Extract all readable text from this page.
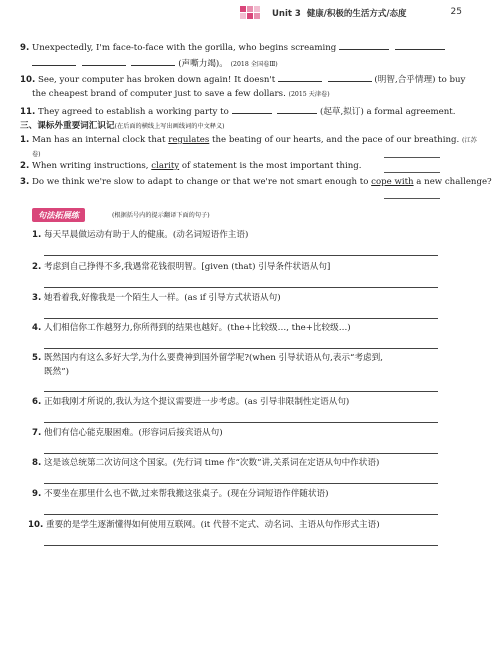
Unit 3 健康/积极的生活方式/态度	25
9. Unexpectedly, I'm face-to-face with the gorilla, who begins screaming
(声嘶力竭)。 (2018 全国卷Ⅲ)
10. See, your computer has broken down again! It doesn't	(明智,合乎情理) to buy
the cheapest brand of computer just to save a few dollars. (2015 天津卷)
11. They agreed to establish a working party to	(起草,拟订) a formal agreement.
三、课标外重要词汇识记(在后面的横线上写出画线词的中文释义)
1. Man has an internal clock that regulates the beating of our hearts, and the pace of our breathing. (江苏
卷)
2. When writing instructions, clarity of statement is the most important thing.
3. Do we think we're slow to adapt to change or that we're not smart enough to cope with a new challenge?
句法拓展练	(根据括号内的提示翻译下面的句子)
1. 每天早晨做运动有助于人的健康。(动名词短语作主语)
2. 考虑到自己挣得不多,我遇常花钱很明智。[given (that) 引导条件状语从句]
3. 她看着我,好像我是一个陌生人一样。(as if 引导方式状语从句)
4. 人们相信你工作越努力,你所得到的结果也越好。(the+比较级…, the+比较级…)
5. 既然国内有这么多好大学,为什么要费神到国外留学呢?(when 引导状语从句,表示“考虑到,
既然”)
6. 正如我刚才所说的,我认为这个提议需要进一步考虑。(as 引导非限制性定语从句)
7. 他们有信心能克服困难。(形容词后接宾语从句)
8. 这是该总统第二次访问这个国家。(先行词 time 作“次数”讲,关系词在定语从句中作状语)
9. 不要坐在那里什么也不做,过来帮我搬这张桌子。(现在分词短语作伴随状语)
10. 重要的是学生逐渐懂得如何使用互联网。(it 代替不定式、动名词、主语从句作形式主语)
